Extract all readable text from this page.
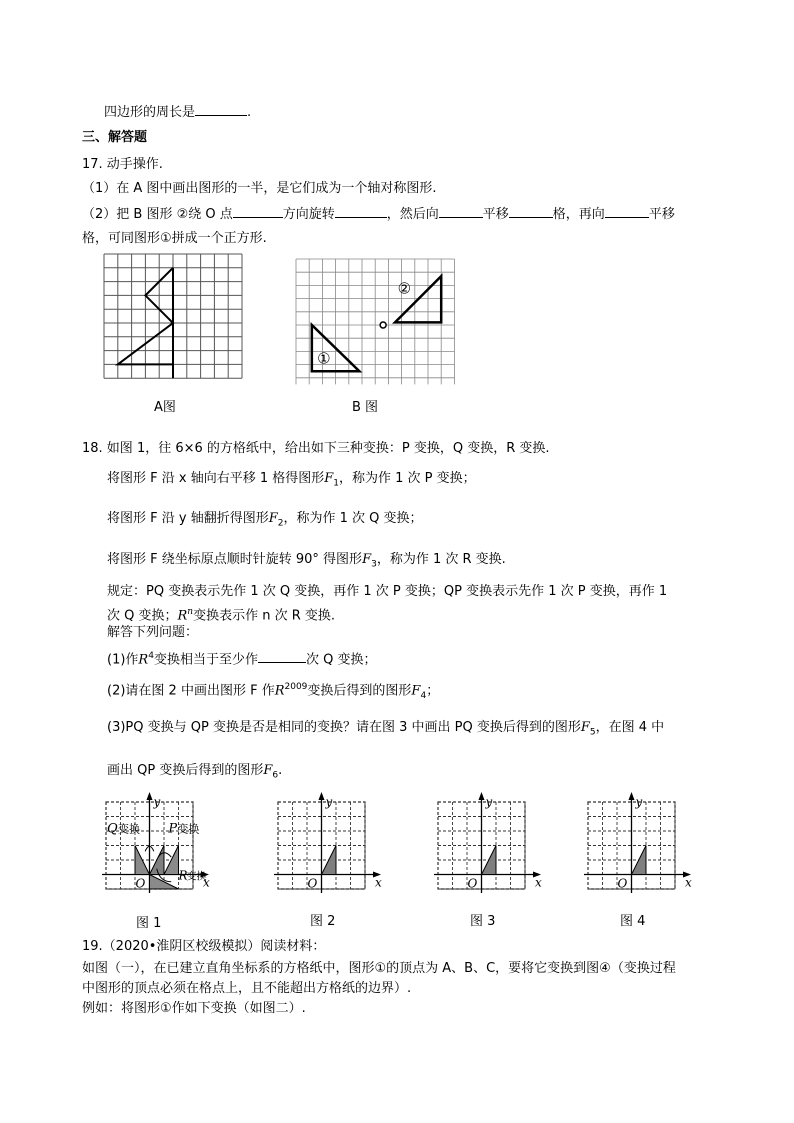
四边形的周长是	.
三、解答题
17. 动手操作.
（1）在 A 图中画出图形的一半，是它们成为一个轴对称图形.
（2）把 B 图形 ②绕 O 点	方向旋转	，然后向	平移	格，再向	平移
格，可同图形①拼成一个正方形.
A图
①
②
B 图
18. 如图 1，往 6×6 的方格纸中，给出如下三种变换：P 变换，Q 变换，R 变换.
将图形 F 沿 x 轴向右平移 1 格得图形$F_1$，称为作 1 次 P 变换；
将图形 F 沿 y 轴翻折得图形$F_2$，称为作 1 次 Q 变换；
将图形 F 绕坐标原点顺时针旋转 90° 得图形$F_3$，称为作 1 次 R 变换.
规定：PQ 变换表示先作 1 次 Q 变换，再作 1 次 P 变换；QP 变换表示先作 1 次 P 变换，再作 1
次 Q 变换；$R^n$变换表示作 n 次 R 变换.
解答下列问题：
(1)作$R^4$变换相当于至少作	次 Q 变换；
(2)请在图 2 中画出图形 F 作$R^{2009}$变换后得到的图形$F_4$；
(3)PQ 变换与 QP 变换是否是相同的变换？请在图 3 中画出 PQ 变换后得到的图形$F_5$，在图 4 中
画出 QP 变换后得到的图形$F_6$.
x
y
O
Q 变换 P 变换
R
变换	x
y
O	x
y
O	x
y
O
图 1	图 2	图 3	图 4
19.（2020•淮阴区校级模拟）阅读材料：
如图（一），在已建立直角坐标系的方格纸中，图形①的顶点为 A、B、C，要将它变换到图④（变换过程
中图形的顶点必须在格点上，且不能超出方格纸的边界）.
例如：将图形①作如下变换（如图二）.
